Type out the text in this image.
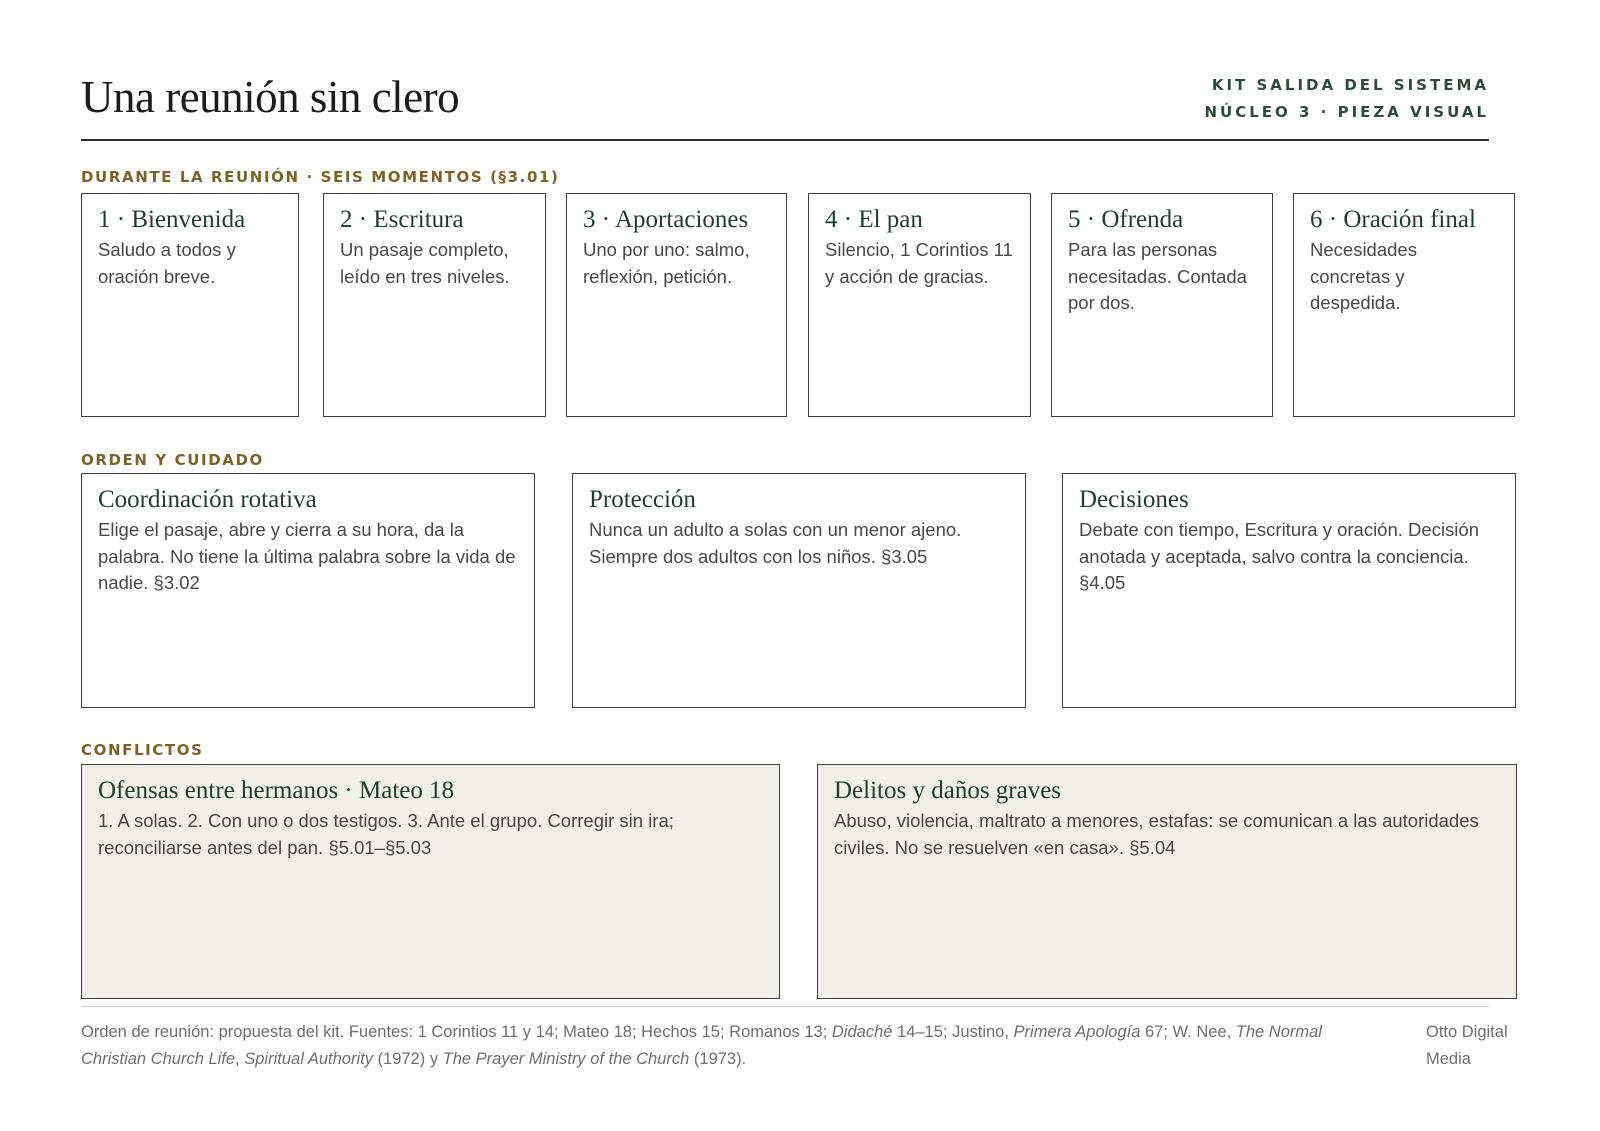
Una reunión sin clero	KIT SALIDA DEL SISTEMA
NÚCLEO 3 · PIEZA VISUAL
DURANTE LA REUNIÓN · SEIS MOMENTOS (§3.01)
1 · Bienvenida
Saludo a todos y oración breve.
2 · Escritura
Un pasaje completo, leído en tres niveles.
3 · Aportaciones
Uno por uno: salmo, reflexión, petición.
4 · El pan
Silencio, 1 Corintios 11 y acción de gracias.
5 · Ofrenda
Para las personas necesitadas. Contada por dos.
6 · Oración final
Necesidades concretas y despedida.
ORDEN Y CUIDADO
Coordinación rotativa
Elige el pasaje, abre y cierra a su hora, da la palabra. No tiene la última palabra sobre la vida de nadie. §3.02
Protección
Nunca un adulto a solas con un menor ajeno. Siempre dos adultos con los niños. §3.05
Decisiones
Debate con tiempo, Escritura y oración. Decisión anotada y aceptada, salvo contra la conciencia. §4.05
CONFLICTOS
Ofensas entre hermanos · Mateo 18
1. A solas. 2. Con uno o dos testigos. 3. Ante el grupo. Corregir sin ira; reconciliarse antes del pan. §5.01–§5.03
Delitos y daños graves
Abuso, violencia, maltrato a menores, estafas: se comunican a las autoridades civiles. No se resuelven «en casa». §5.04
Orden de reunión: propuesta del kit. Fuentes: 1 Corintios 11 y 14; Mateo 18; Hechos 15; Romanos 13; Didaché 14–15; Justino, Primera Apología 67; W. Nee, The Normal Christian Church Life, Spiritual Authority (1972) y The Prayer Ministry of the Church (1973).
Otto Digital Media
